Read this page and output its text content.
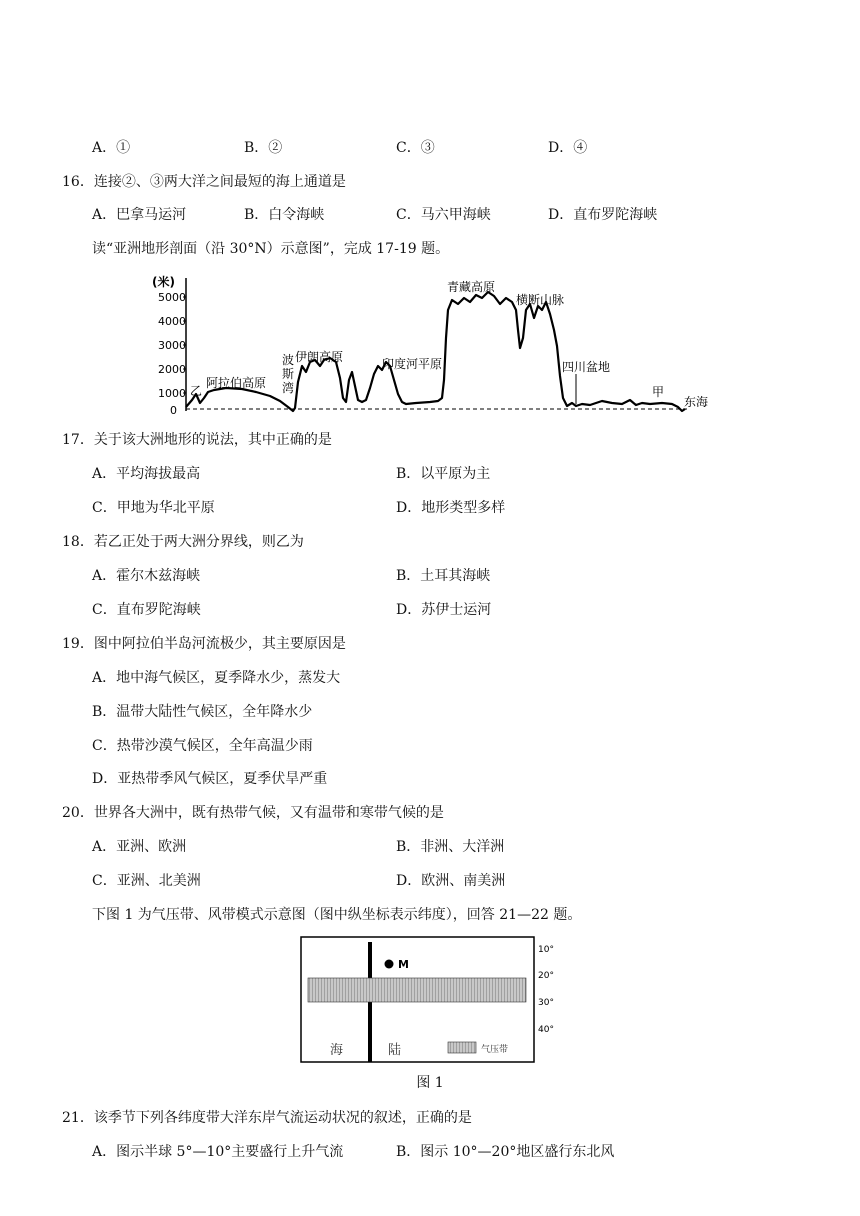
A．①	B．②	C．③	D．④
16．连接②、③两大洋之间最短的海上通道是
A．巴拿马运河	B．白令海峡	C．马六甲海峡	D．直布罗陀海峡
读“亚洲地形剖面（沿 30°N）示意图”，完成 17-19 题。
(米)
5000
4000
3000
2000
1000
0
乙
阿拉伯高原
波
斯
湾
伊朗高原	印度河平原
青藏高原
横断山脉
四川盆地
甲
东海
17．关于该大洲地形的说法，其中正确的是
A．平均海拔最高	B．以平原为主
C．甲地为华北平原	D．地形类型多样
18．若乙正处于两大洲分界线，则乙为
A．霍尔木兹海峡	B．土耳其海峡
C．直布罗陀海峡	D．苏伊士运河
19．图中阿拉伯半岛河流极少，其主要原因是
A．地中海气候区，夏季降水少，蒸发大
B．温带大陆性气候区，全年降水少
C．热带沙漠气候区，全年高温少雨
D．亚热带季风气候区，夏季伏旱严重
20．世界各大洲中，既有热带气候，又有温带和寒带气候的是
A．亚洲、欧洲	B．非洲、大洋洲
C．亚洲、北美洲	D．欧洲、南美洲
下图 1 为气压带、风带模式示意图（图中纵坐标表示纬度），回答 21—22 题。
M
10°
20°
30°
40°
海	陆	气压带
图 1
21．该季节下列各纬度带大洋东岸气流运动状况的叙述，正确的是
A．图示半球 5°—10°主要盛行上升气流	B．图示 10°—20°地区盛行东北风
